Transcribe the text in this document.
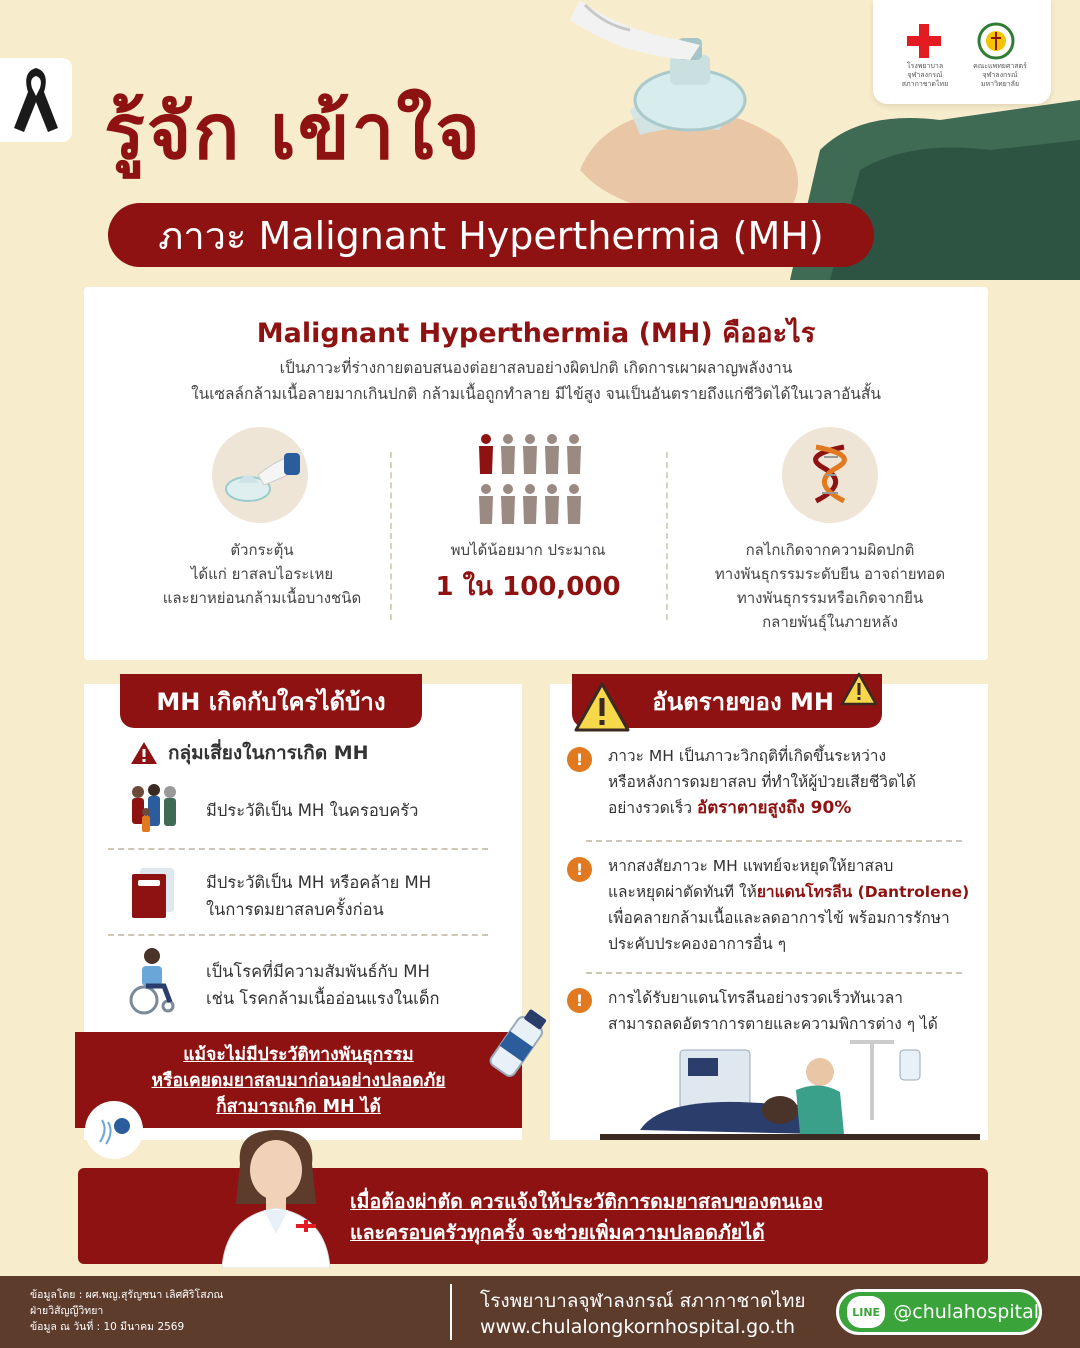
รู้จัก เข้าใจ
ภาวะ Malignant Hyperthermia (MH)
โรงพยาบาลจุฬาลงกรณ์ สภากาชาดไทย
คณะแพทยศาสตร์ จุฬาลงกรณ์มหาวิทยาลัย
Malignant Hyperthermia (MH) คืออะไร
เป็นภาวะที่ร่างกายตอบสนองต่อยาสลบอย่างผิดปกติ เกิดการเผาผลาญพลังงาน
ในเซลล์กล้ามเนื้อลายมากเกินปกติ กล้ามเนื้อถูกทำลาย มีไข้สูง จนเป็นอันตรายถึงแก่ชีวิตได้ในเวลาอันสั้น
ตัวกระตุ้น
ได้แก่ ยาสลบไอระเหย
และยาหย่อนกล้ามเนื้อบางชนิด
พบได้น้อยมาก ประมาณ
1 ใน 100,000
กลไกเกิดจากความผิดปกติ
ทางพันธุกรรมระดับยีน อาจถ่ายทอด
ทางพันธุกรรมหรือเกิดจากยีน
กลายพันธุ์ในภายหลัง
MH เกิดกับใครได้บ้าง
กลุ่มเสี่ยงในการเกิด MH
มีประวัติเป็น MH ในครอบครัว
มีประวัติเป็น MH หรือคล้าย MH
ในการดมยาสลบครั้งก่อน
เป็นโรคที่มีความสัมพันธ์กับ MH
เช่น โรคกล้ามเนื้ออ่อนแรงในเด็ก
แม้จะไม่มีประวัติทางพันธุกรรม
หรือเคยดมยาสลบมาก่อนอย่างปลอดภัย
ก็สามารถเกิด MH ได้
อันตรายของ MH
!	ภาวะ MH เป็นภาวะวิกฤติที่เกิดขึ้นระหว่าง
หรือหลังการดมยาสลบ ที่ทำให้ผู้ป่วยเสียชีวิตได้
อย่างรวดเร็ว อัตราตายสูงถึง 90%
!	หากสงสัยภาวะ MH แพทย์จะหยุดให้ยาสลบ
และหยุดผ่าตัดทันที ให้ยาแดนโทรลีน (Dantrolene)
เพื่อคลายกล้ามเนื้อและลดอาการไข้ พร้อมการรักษา
ประคับประคองอาการอื่น ๆ
!	การได้รับยาแดนโทรลีนอย่างรวดเร็วทันเวลา
สามารถลดอัตราการตายและความพิการต่าง ๆ ได้
เมื่อต้องผ่าตัด ควรแจ้งให้ประวัติการดมยาสลบของตนเอง
และครอบครัวทุกครั้ง จะช่วยเพิ่มความปลอดภัยได้
ข้อมูลโดย : ผศ.พญ.สุรัญชนา เลิศศิริโสภณ
ฝ่ายวิสัญญีวิทยา
ข้อมูล ณ วันที่ : 10 มีนาคม 2569
โรงพยาบาลจุฬาลงกรณ์ สภากาชาดไทย
www.chulalongkornhospital.go.th
LINE @chulahospital
